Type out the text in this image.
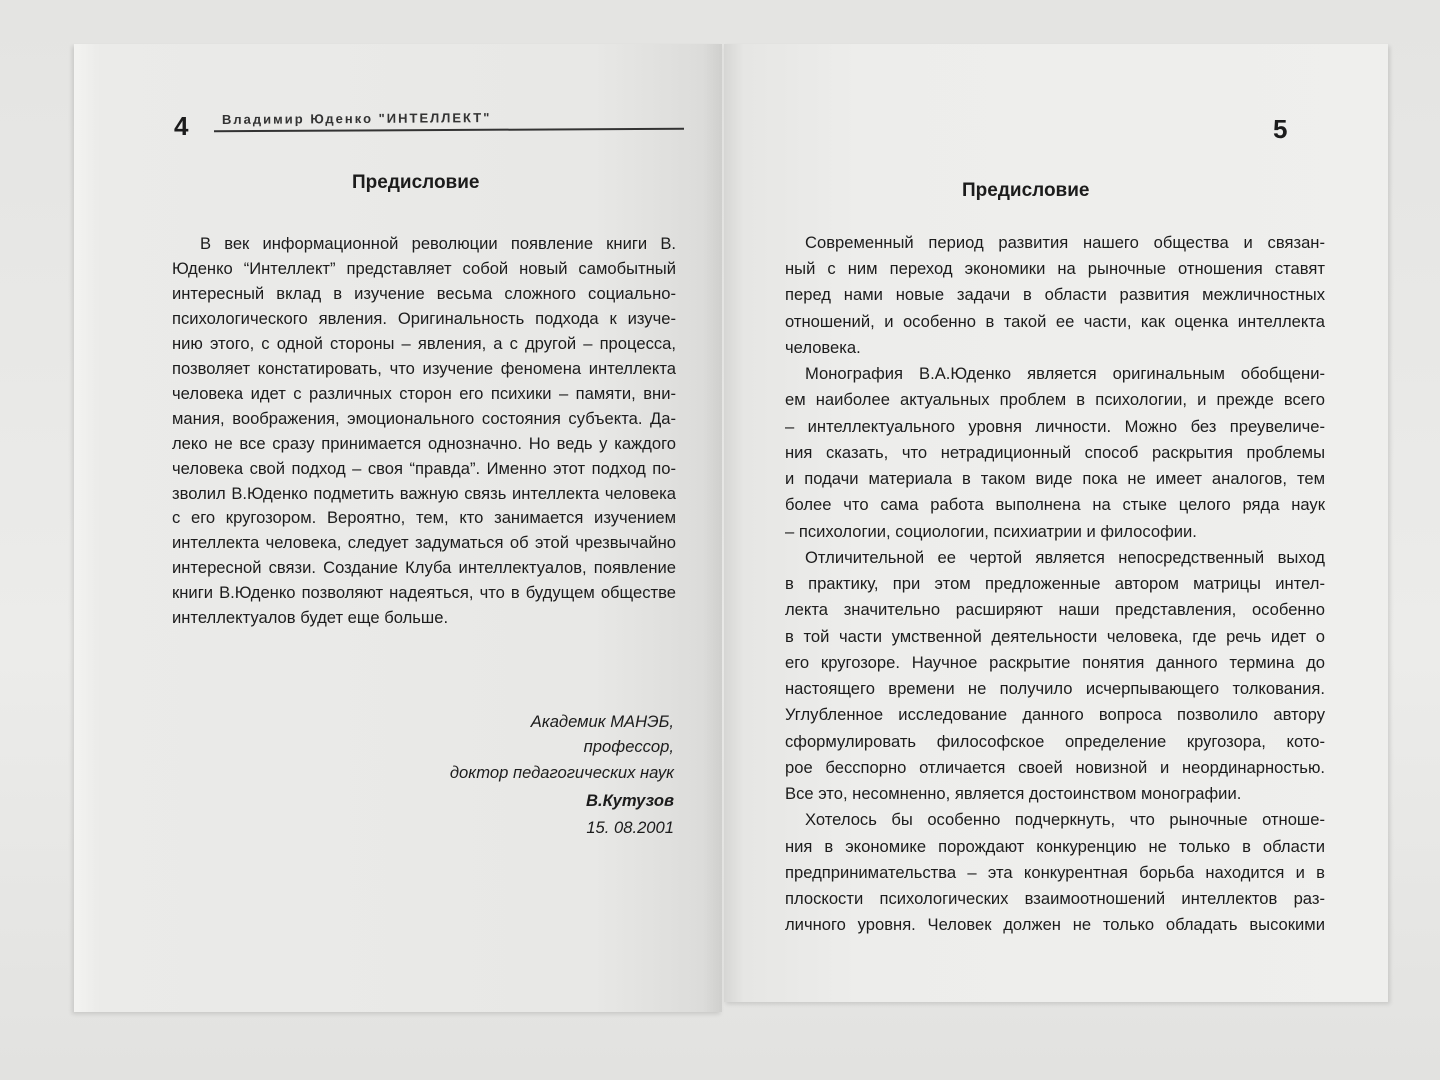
4	Владимир Юденко "ИНТЕЛЛЕКТ"
Предисловие
5
Предисловие
В век информационной революции появление книги В.
Юденко “Интеллект” представляет собой новый самобытный
интересный вклад в изучение весьма сложного социально-
психологического явления. Оригинальность подхода к изуче-
нию этого, с одной стороны – явления, а с другой – процесса,
позволяет констатировать, что изучение феномена интеллекта
человека идет с различных сторон его психики – памяти, вни-
мания, воображения, эмоционального состояния субъекта. Да-
леко не все сразу принимается однозначно. Но ведь у каждого
человека свой подход – своя “правда”. Именно этот подход по-
зволил В.Юденко подметить важную связь интеллекта человека
с его кругозором. Вероятно, тем, кто занимается изучением
интеллекта человека, следует задуматься об этой чрезвычайно
интересной связи. Создание Клуба интеллектуалов, появление
книги В.Юденко позволяют надеяться, что в будущем обществе
интеллектуалов будет еще больше.
Современный период развития нашего общества и связан-
ный с ним переход экономики на рыночные отношения ставят
перед нами новые задачи в области развития межличностных
отношений, и особенно в такой ее части, как оценка интеллекта
человека.
Монография В.А.Юденко является оригинальным обобщени-
ем наиболее актуальных проблем в психологии, и прежде всего
– интеллектуального уровня личности. Можно без преувеличе-
ния сказать, что нетрадиционный способ раскрытия проблемы
и подачи материала в таком виде пока не имеет аналогов, тем
более что сама работа выполнена на стыке целого ряда наук
– психологии, социологии, психиатрии и философии.
Отличительной ее чертой является непосредственный выход
в практику, при этом предложенные автором матрицы интел-
лекта значительно расширяют наши представления, особенно
в той части умственной деятельности человека, где речь идет о
его кругозоре. Научное раскрытие понятия данного термина до
настоящего времени не получило исчерпывающего толкования.
Углубленное исследование данного вопроса позволило автору
сформулировать философское определение кругозора, кото-
рое бесспорно отличается своей новизной и неординарностью.
Все это, несомненно, является достоинством монографии.
Хотелось бы особенно подчеркнуть, что рыночные отноше-
ния в экономике порождают конкуренцию не только в области
предпринимательства – эта конкурентная борьба находится и в
плоскости психологических взаимоотношений интеллектов раз-
личного уровня. Человек должен не только обладать высокими
Академик МАНЭБ,
профессор,
доктор педагогических наук
В.Кутузов
15. 08.2001
